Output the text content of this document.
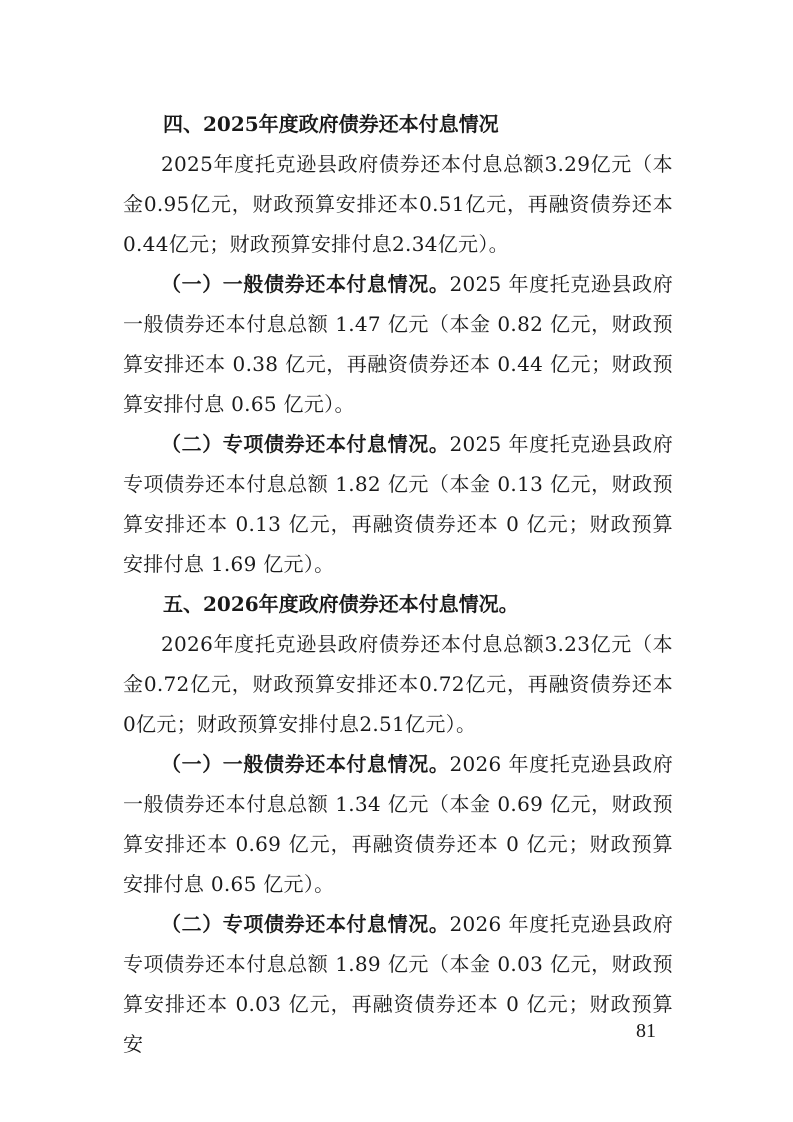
四、2025年度政府债券还本付息情况
2025年度托克逊县政府债券还本付息总额3.29亿元（本金0.95亿元，财政预算安排还本0.51亿元，再融资债券还本0.44亿元；财政预算安排付息2.34亿元）。
（一）一般债券还本付息情况。2025 年度托克逊县政府一般债券还本付息总额 1.47 亿元（本金 0.82 亿元，财政预算安排还本 0.38 亿元，再融资债券还本 0.44 亿元；财政预算安排付息 0.65 亿元）。
（二）专项债券还本付息情况。2025 年度托克逊县政府专项债券还本付息总额 1.82 亿元（本金 0.13 亿元，财政预算安排还本 0.13 亿元，再融资债券还本 0 亿元；财政预算安排付息 1.69 亿元）。
五、2026年度政府债券还本付息情况。
2026年度托克逊县政府债券还本付息总额3.23亿元（本金0.72亿元，财政预算安排还本0.72亿元，再融资债券还本0亿元；财政预算安排付息2.51亿元）。
（一）一般债券还本付息情况。2026 年度托克逊县政府一般债券还本付息总额 1.34 亿元（本金 0.69 亿元，财政预算安排还本 0.69 亿元，再融资债券还本 0 亿元；财政预算安排付息 0.65 亿元）。
（二）专项债券还本付息情况。2026 年度托克逊县政府专项债券还本付息总额 1.89 亿元（本金 0.03 亿元，财政预算安排还本 0.03 亿元，再融资债券还本 0 亿元；财政预算安
81
